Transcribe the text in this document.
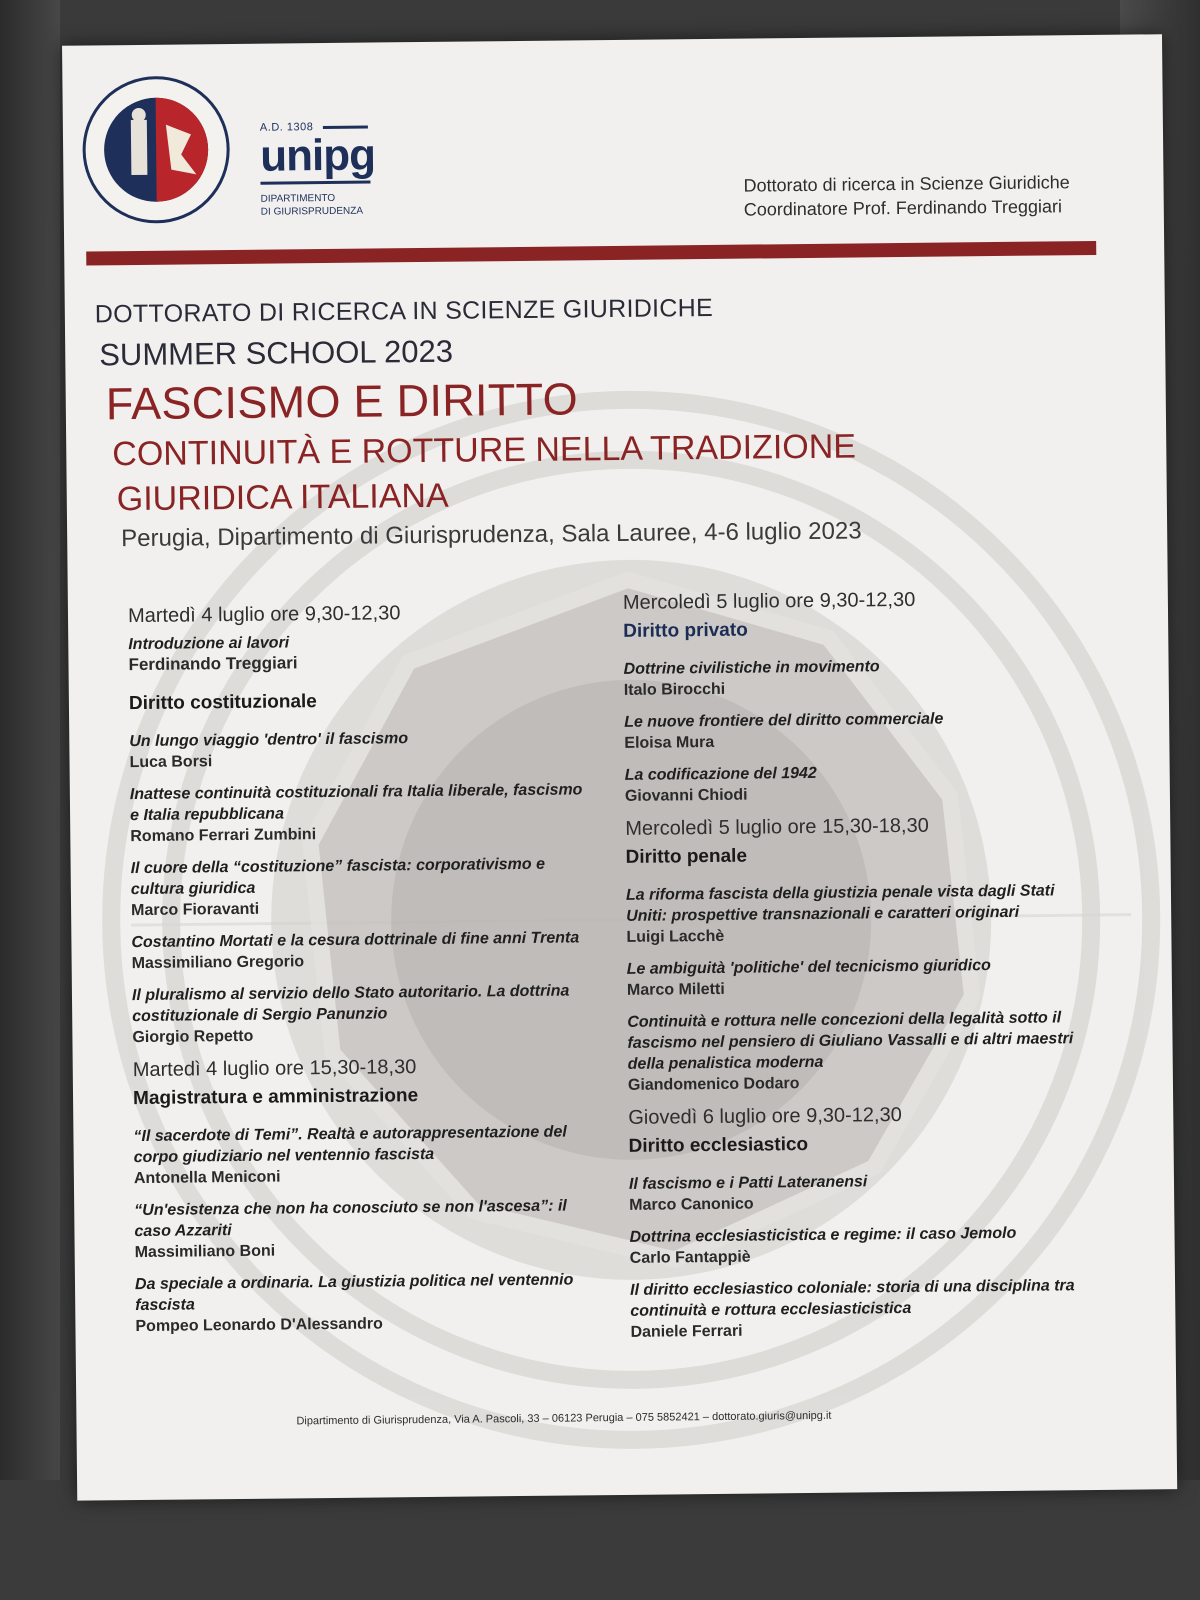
A.D. 1308
unipg
DIPARTIMENTO
DI GIURISPRUDENZA
Dottorato di ricerca in Scienze Giuridiche
Coordinatore Prof. Ferdinando Treggiari
DOTTORATO DI RICERCA IN SCIENZE GIURIDICHE
SUMMER SCHOOL 2023
FASCISMO E DIRITTO
CONTINUITÀ E ROTTURE NELLA TRADIZIONE
GIURIDICA ITALIANA
Perugia, Dipartimento di Giurisprudenza, Sala Lauree, 4-6 luglio 2023
Martedì 4 luglio ore 9,30-12,30
Introduzione ai lavori
Ferdinando Treggiari
Diritto costituzionale
Un lungo viaggio 'dentro' il fascismo
Luca Borsi
Inattese continuità costituzionali fra Italia liberale, fascismo e Italia repubblicana
Romano Ferrari Zumbini
Il cuore della “costituzione” fascista: corporativismo e cultura giuridica
Marco Fioravanti
Costantino Mortati e la cesura dottrinale di fine anni Trenta
Massimiliano Gregorio
Il pluralismo al servizio dello Stato autoritario. La dottrina costituzionale di Sergio Panunzio
Giorgio Repetto
Martedì 4 luglio ore 15,30-18,30
Magistratura e amministrazione
“Il sacerdote di Temi”. Realtà e autorappresentazione del corpo giudiziario nel ventennio fascista
Antonella Meniconi
“Un'esistenza che non ha conosciuto se non l'ascesa”: il caso Azzariti
Massimiliano Boni
Da speciale a ordinaria. La giustizia politica nel ventennio fascista
Pompeo Leonardo D'Alessandro
Mercoledì 5 luglio ore 9,30-12,30
Diritto privato
Dottrine civilistiche in movimento
Italo Birocchi
Le nuove frontiere del diritto commerciale
Eloisa Mura
La codificazione del 1942
Giovanni Chiodi
Mercoledì 5 luglio ore 15,30-18,30
Diritto penale
La riforma fascista della giustizia penale vista dagli Stati Uniti: prospettive transnazionali e caratteri originari
Luigi Lacchè
Le ambiguità 'politiche' del tecnicismo giuridico
Marco Miletti
Continuità e rottura nelle concezioni della legalità sotto il fascismo nel pensiero di Giuliano Vassalli e di altri maestri della penalistica moderna
Giandomenico Dodaro
Giovedì 6 luglio ore 9,30-12,30
Diritto ecclesiastico
Il fascismo e i Patti Lateranensi
Marco Canonico
Dottrina ecclesiasticistica e regime: il caso Jemolo
Carlo Fantappiè
Il diritto ecclesiastico coloniale: storia di una disciplina tra continuità e rottura ecclesiasticistica
Daniele Ferrari
Dipartimento di Giurisprudenza, Via A. Pascoli, 33 – 06123 Perugia – 075 5852421 – dottorato.giuris@unipg.it
